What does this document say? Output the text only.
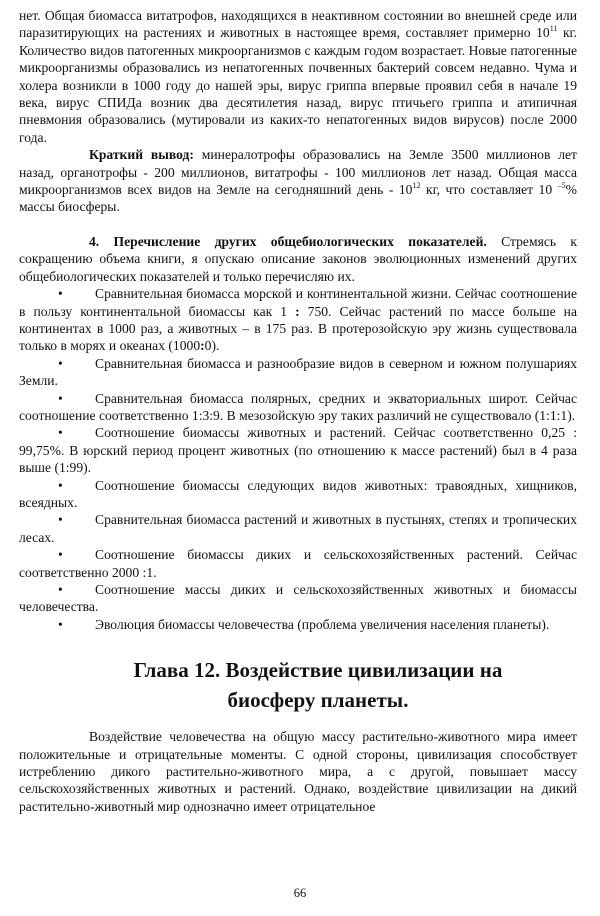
нет. Общая биомасса витатрофов, находящихся в неактивном состоянии во внешней среде или паразитирующих на растениях и животных в настоящее время, составляет примерно $10^{11}$ кг. Количество видов патогенных микроорганизмов с каждым годом возрастает. Новые патогенные микроорганизмы образовались из непатогенных почвенных бактерий совсем недавно. Чума и холера возникли в 1000 году до нашей эры, вирус гриппа впервые проявил себя в начале 19 века, вирус СПИДа возник два десятилетия назад, вирус птичьего гриппа и атипичная пневмония образовались (мутировали из каких-то непатогенных видов вирусов) после 2000 года.

Краткий вывод: минералотрофы образовались на Земле 3500 миллионов лет назад, органотрофы - 200 миллионов, витатрофы - 100 миллионов лет назад. Общая масса микроорганизмов всех видов на Земле на сегодняшний день - $10^{12}$ кг, что составляет 10 $^{-5}$% массы биосферы.

4. Перечисление других общебиологических показателей. Стремясь к сокращению объема книги, я опускаю описание законов эволюционных изменений других общебиологических показателей и только перечисляю их.

• Сравнительная биомасса морской и континентальной жизни. Сейчас соотношение в пользу континентальной биомассы как 1 : 750. Сейчас растений по массе больше на континентах в 1000 раз, а животных – в 175 раз. В протерозойскую эру жизнь существовала только в морях и океанах (1000:0).

• Сравнительная биомасса и разнообразие видов в северном и южном полушариях Земли.

• Сравнительная биомасса полярных, средних и экваториальных широт. Сейчас соотношение соответственно 1:3:9. В мезозойскую эру таких различий не существовало (1:1:1).

• Соотношение биомассы животных и растений. Сейчас соответственно 0,25 : 99,75%. В юрский период процент животных (по отношению к массе растений) был в 4 раза выше (1:99).

• Соотношение биомассы следующих видов животных: травоядных, хищников, всеядных.

• Сравнительная биомасса растений и животных в пустынях, степях и тропических лесах.

• Соотношение биомассы диких и сельскохозяйственных растений. Сейчас соответственно 2000 :1.

• Соотношение массы диких и сельскохозяйственных животных и биомассы человечества.

• Эволюция биомассы человечества (проблема увеличения населения планеты).

Глава 12. Воздействие цивилизации на
биосферу планеты.

Воздействие человечества на общую массу растительно-животного мира имеет положительные и отрицательные моменты. С одной стороны, цивилизация способствует истреблению дикого растительно-животного мира, а с другой, повышает массу сельскохозяйственных животных и растений. Однако, воздействие цивилизации на дикий растительно-животный мир однозначно имеет отрицательное

66
